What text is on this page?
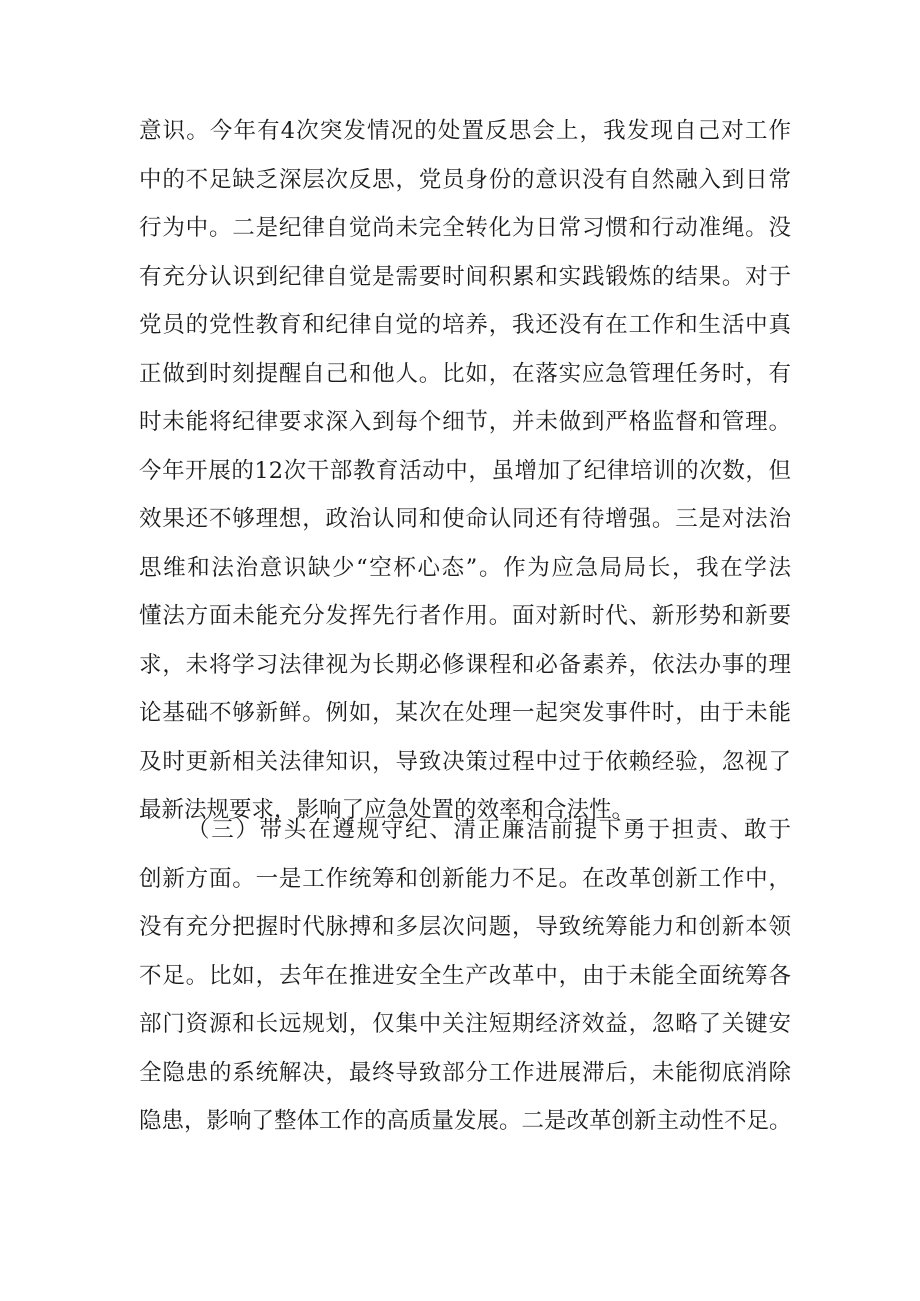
意识。今年有4次突发情况的处置反思会上，我发现自己对工作
中的不足缺乏深层次反思，党员身份的意识没有自然融入到日常
行为中。二是纪律自觉尚未完全转化为日常习惯和行动准绳。没
有充分认识到纪律自觉是需要时间积累和实践锻炼的结果。对于
党员的党性教育和纪律自觉的培养，我还没有在工作和生活中真
正做到时刻提醒自己和他人。比如，在落实应急管理任务时，有
时未能将纪律要求深入到每个细节，并未做到严格监督和管理。
今年开展的12次干部教育活动中，虽增加了纪律培训的次数，但
效果还不够理想，政治认同和使命认同还有待增强。三是对法治
思维和法治意识缺少“空杯心态”。作为应急局局长，我在学法
懂法方面未能充分发挥先行者作用。面对新时代、新形势和新要
求，未将学习法律视为长期必修课程和必备素养，依法办事的理
论基础不够新鲜。例如，某次在处理一起突发事件时，由于未能
及时更新相关法律知识，导致决策过程中过于依赖经验，忽视了
最新法规要求，影响了应急处置的效率和合法性。
（三）带头在遵规守纪、清正廉洁前提下勇于担责、敢于
创新方面。一是工作统筹和创新能力不足。在改革创新工作中，
没有充分把握时代脉搏和多层次问题，导致统筹能力和创新本领
不足。比如，去年在推进安全生产改革中，由于未能全面统筹各
部门资源和长远规划，仅集中关注短期经济效益，忽略了关键安
全隐患的系统解决，最终导致部分工作进展滞后，未能彻底消除
隐患，影响了整体工作的高质量发展。二是改革创新主动性不足。
